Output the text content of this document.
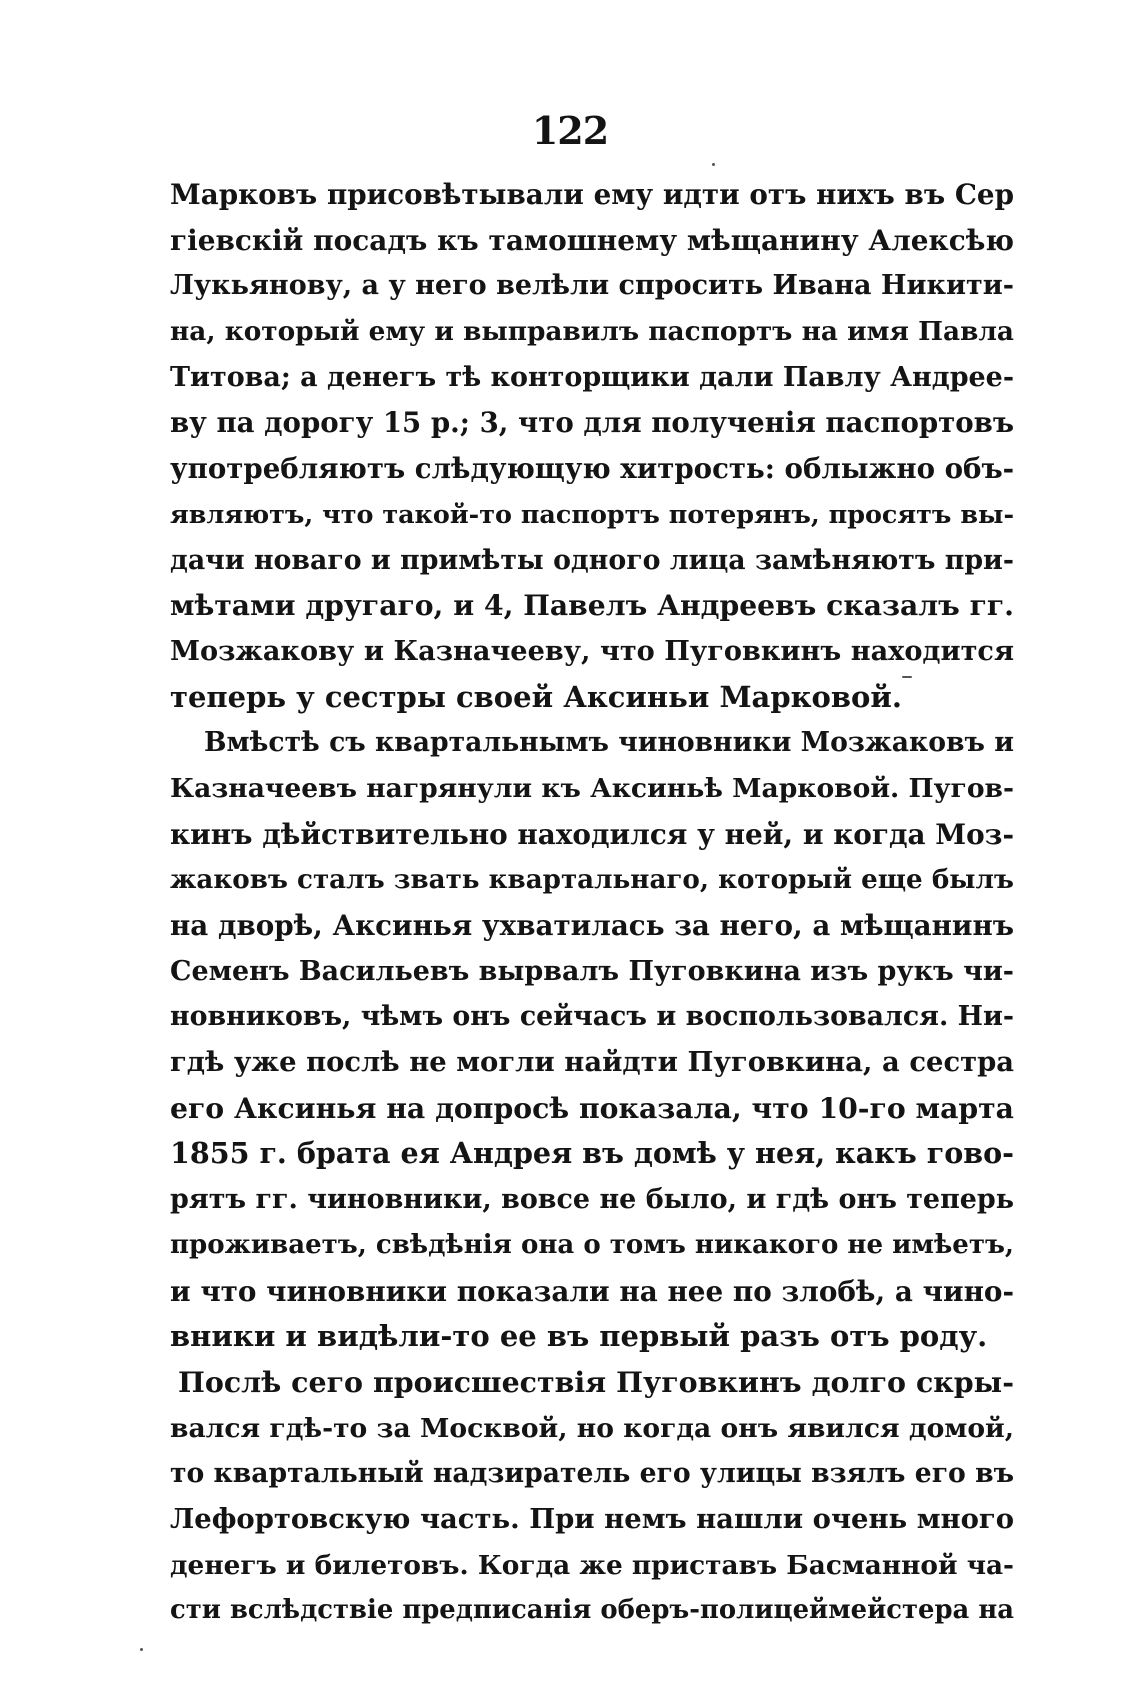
122
Марковъ присовѣтывали ему идти отъ нихъ въ Сер
гіевскій посадъ къ тамошнему мѣщанину Алексѣю
Лукьянову, а у него велѣли спросить Ивана Никити-
на, который ему и выправилъ паспортъ на имя Павла
Титова; а денегъ тѣ конторщики дали Павлу Андрее-
ву па дорогу 15 р.; 3, что для полученія паспортовъ
употребляютъ слѣдующую хитрость: облыжно объ-
являютъ, что такой-то паспортъ потерянъ, просятъ вы-
дачи новаго и примѣты одного лица замѣняютъ при-
мѣтами другаго, и 4, Павелъ Андреевъ сказалъ гг.
Мозжакову и Казначееву, что Пуговкинъ находится
теперь у сестры своей Аксиньи Марковой.
Вмѣстѣ съ квартальнымъ чиновники Мозжаковъ и
Казначеевъ нагрянули къ Аксиньѣ Марковой. Пугов-
кинъ дѣйствительно находился у ней, и когда Моз-
жаковъ сталъ звать квартальнаго, который еще былъ
на дворѣ, Аксинья ухватилась за него, а мѣщанинъ
Семенъ Васильевъ вырвалъ Пуговкина изъ рукъ чи-
новниковъ, чѣмъ онъ сейчасъ и воспользовался. Ни-
гдѣ уже послѣ не могли найдти Пуговкина, а сестра
его Аксинья на допросѣ показала, что 10-го марта
1855 г. брата ея Андрея въ домѣ у нея, какъ гово-
рятъ гг. чиновники, вовсе не было, и гдѣ онъ теперь
проживаетъ, свѣдѣнія она о томъ никакого не имѣетъ,
и что чиновники показали на нее по злобѣ, а чино-
вники и видѣли-то ее въ первый разъ отъ роду.
Послѣ сего происшествія Пуговкинъ долго скры-
вался гдѣ-то за Москвой, но когда онъ явился домой,
то квартальный надзиратель его улицы взялъ его въ
Лефортовскую часть. При немъ нашли очень много
денегъ и билетовъ. Когда же приставъ Басманной ча-
сти вслѣдствіе предписанія оберъ-полицеймейстера на
